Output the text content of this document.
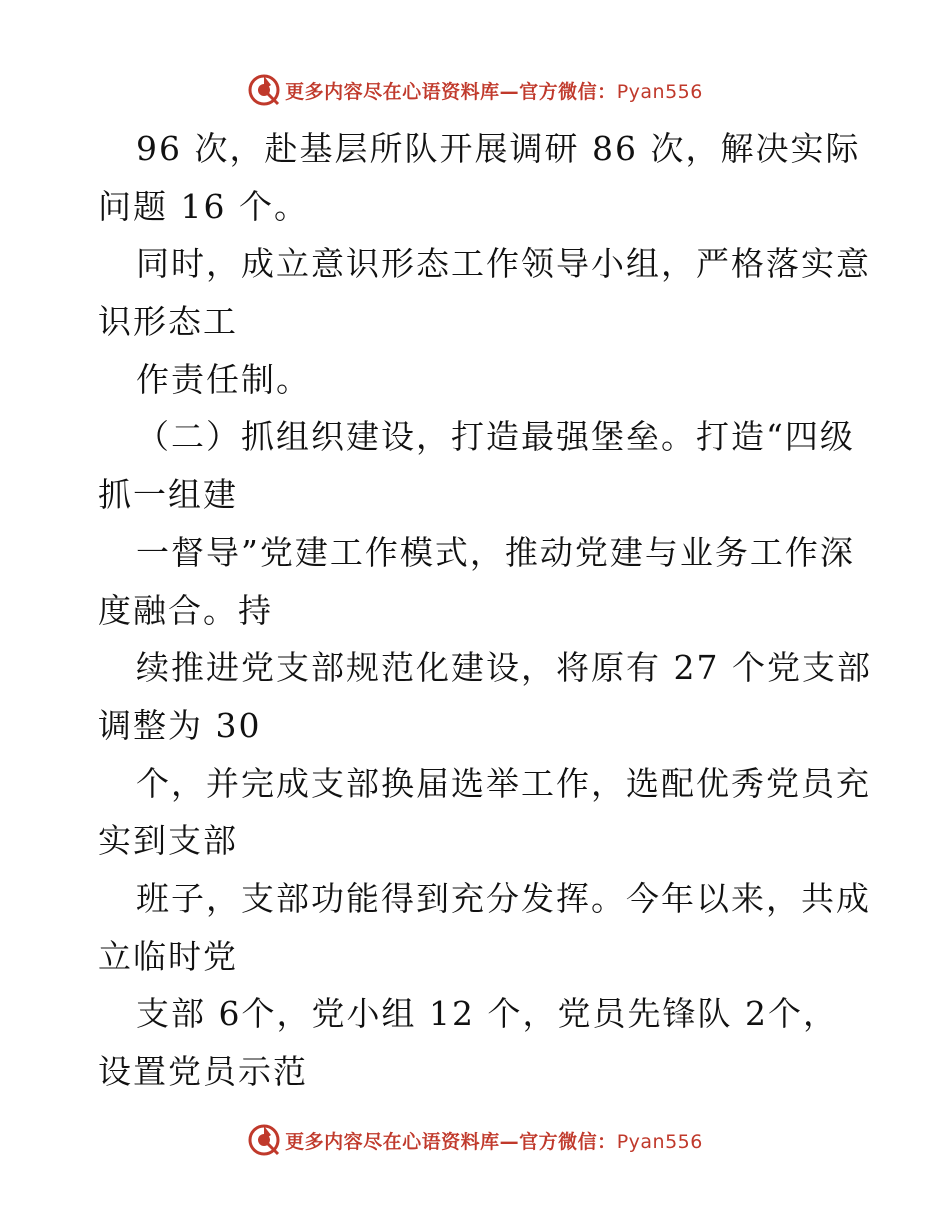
更多内容尽在心语资料库—官方微信：Pyan556
96 次，赴基层所队开展调研 86 次，解决实际
问题 16 个。
同时，成立意识形态工作领导小组，严格落实意
识形态工
作责任制。
（二）抓组织建设，打造最强堡垒。打造“四级
抓一组建
一督导”党建工作模式，推动党建与业务工作深
度融合。持
续推进党支部规范化建设，将原有 27 个党支部
调整为 30
个，并完成支部换届选举工作，选配优秀党员充
实到支部
班子，支部功能得到充分发挥。今年以来，共成
立临时党
支部 6个，党小组 12 个，党员先锋队 2个，
设置党员示范
更多内容尽在心语资料库—官方微信：Pyan556
